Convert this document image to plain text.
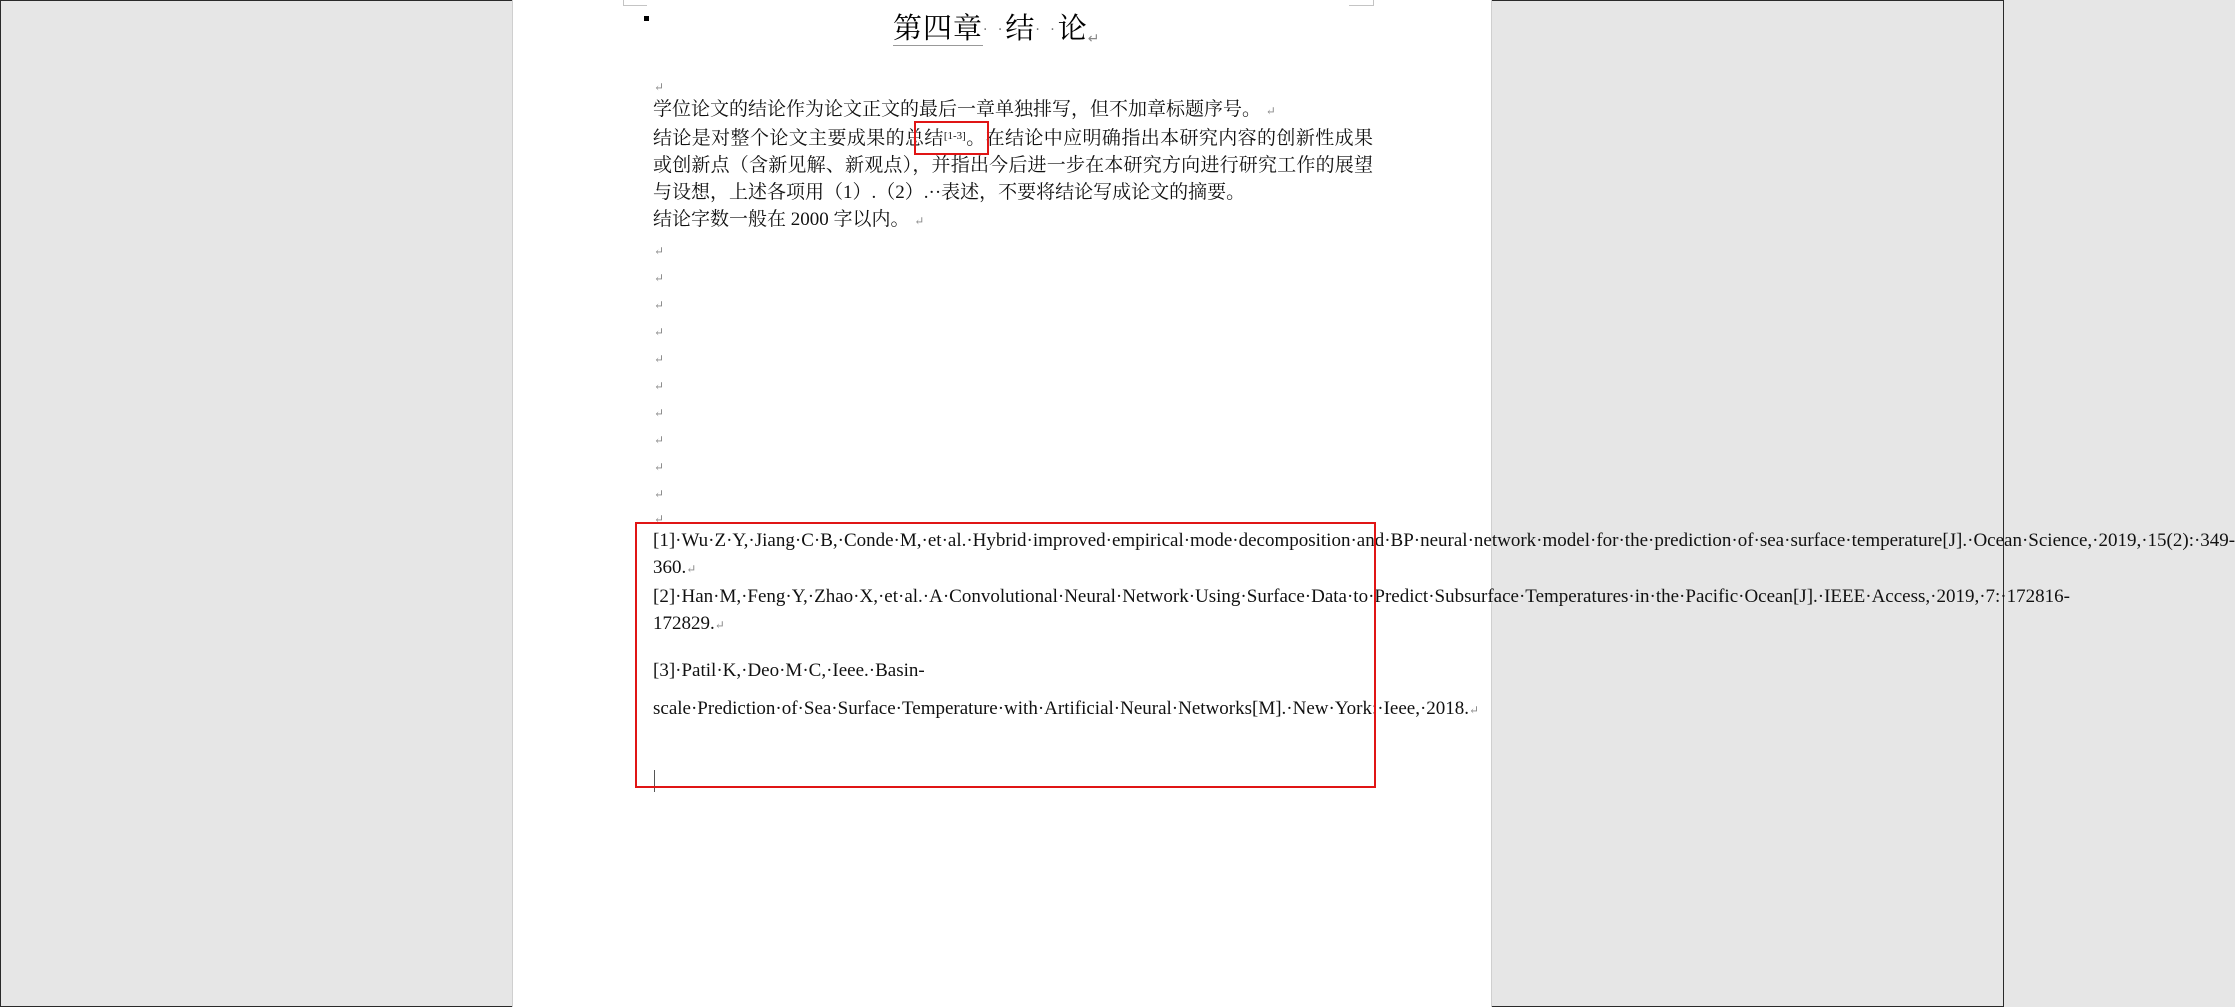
第四章· ·结· ·论↵
↵

学位论文的结论作为论文正文的最后一章单独排写，但不加章标题序号。 ↵

结论是对整个论文主要成果的总结[1-3]。在结论中应明确指出本研究内容的创新性成果或创新点（含新见解、新观点），并指出今后进一步在本研究方向进行研究工作的展望与设想，上述各项用（1）.（2）.··表述，不要将结论写成论文的摘要。

结论字数一般在 2000 字以内。 ↵

↵
↵
↵
↵
↵
↵
↵
↵
↵
↵
↵

[1]·Wu·Z·Y,·Jiang·C·B,·Conde·M,·et·al.·Hybrid·improved·empirical·mode·decomposition·and·BP·neural·network·model·for·the·prediction·of·sea·surface·temperature[J].·Ocean·Science,·2019,·15(2):·349-360.↵

[2]·Han·M,·Feng·Y,·Zhao·X,·et·al.·A·Convolutional·Neural·Network·Using·Surface·Data·to·Predict·Subsurface·Temperatures·in·the·Pacific·Ocean[J].·IEEE·Access,·2019,·7:·172816-172829.↵

[3]·Patil·K,·Deo·M·C,·Ieee.·Basin-scale·Prediction·of·Sea·Surface·Temperature·with·Artificial·Neural·Networks[M].·New·York:·Ieee,·2018.↵
